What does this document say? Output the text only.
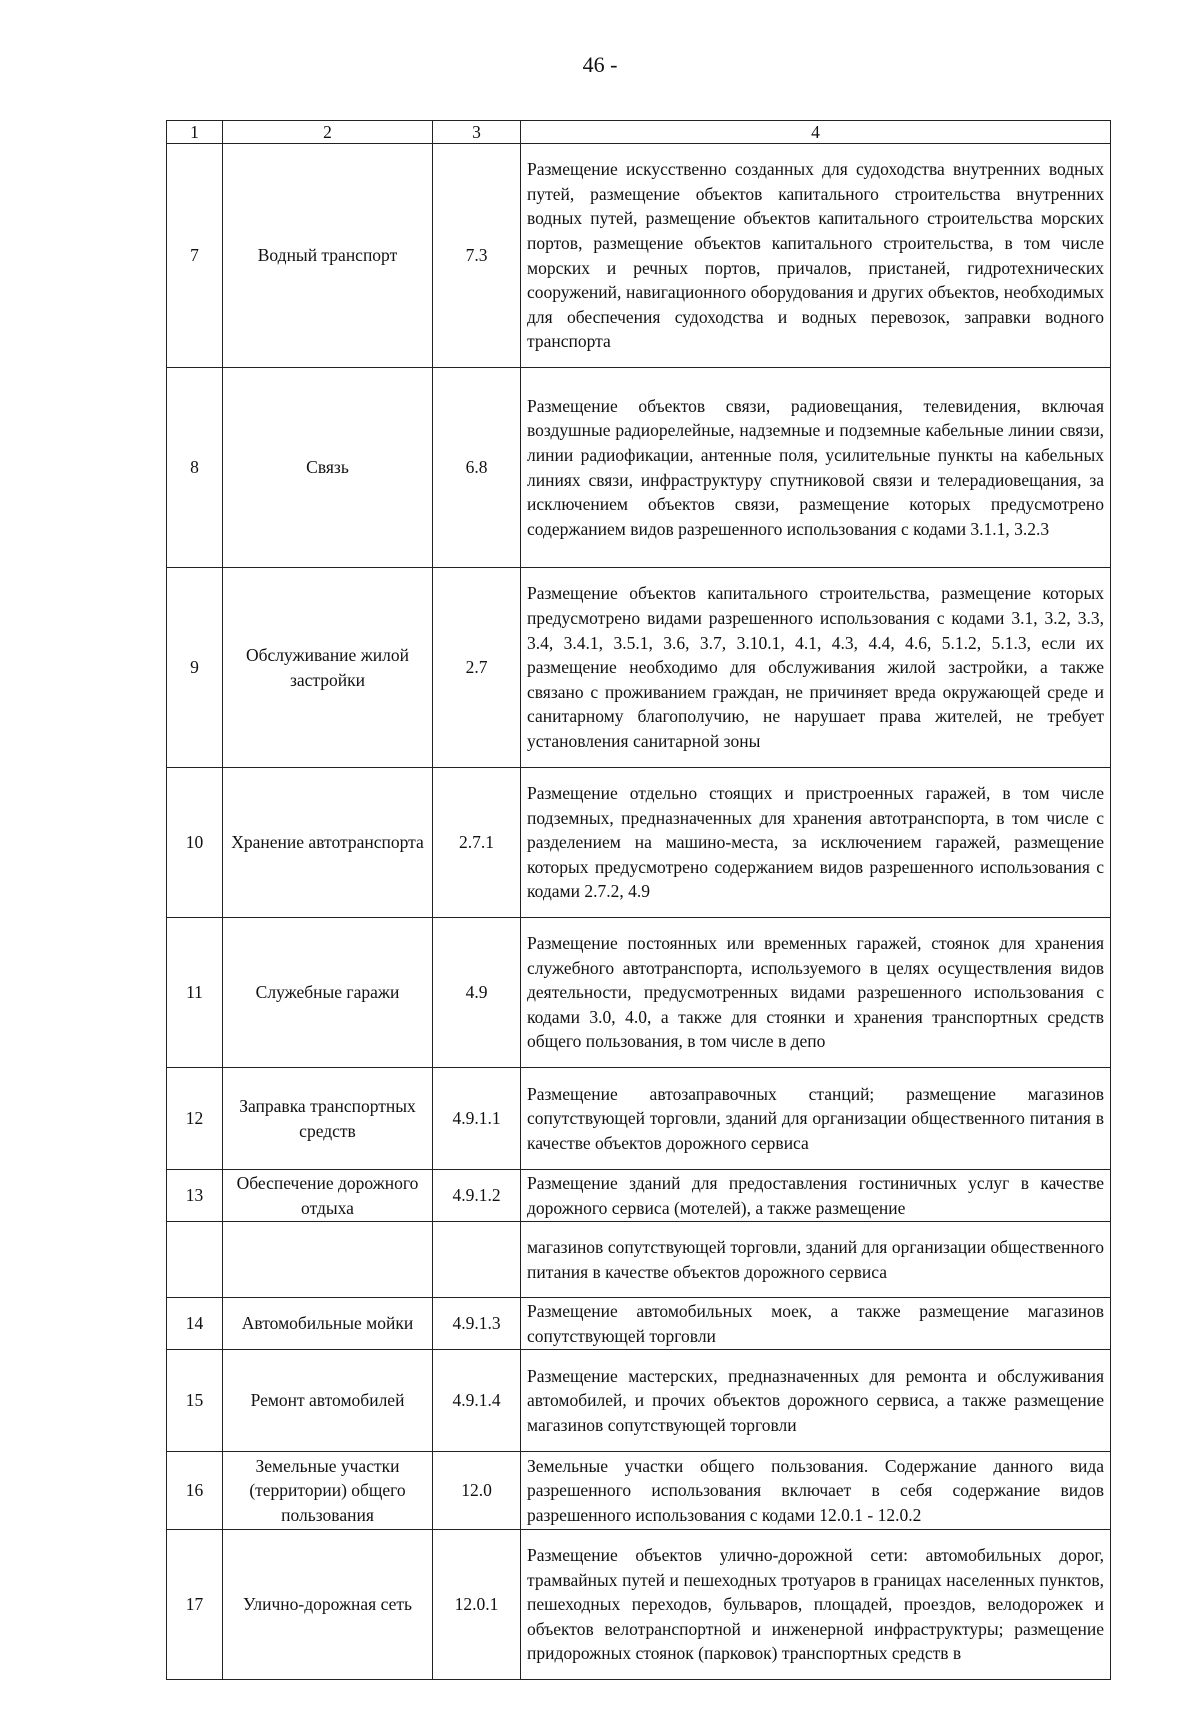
46 -
1	2	3	4
7	Водный транспорт	7.3	Размещение искусственно созданных для судоходства внутренних водных путей, размещение объектов капитального строительства внутренних водных путей, размещение объектов капитального строительства морских портов, размещение объектов капитального строительства, в том числе морских и речных портов, причалов, пристаней, гидротехнических сооружений, навигационного оборудования и других объектов, необходимых для обеспечения судоходства и водных перевозок, заправки водного транспорта
8	Связь	6.8	Размещение объектов связи, радиовещания, телевидения, включая воздушные радиорелейные, надземные и подземные кабельные линии связи, линии радиофикации, антенные поля, усилительные пункты на кабельных линиях связи, инфраструктуру спутниковой связи и телерадиовещания, за исключением объектов связи, размещение которых предусмотрено содержанием видов разрешенного использования с кодами 3.1.1, 3.2.3
9	Обслуживание жилой застройки	2.7	Размещение объектов капитального строительства, размещение которых предусмотрено видами разрешенного использования с кодами 3.1, 3.2, 3.3, 3.4, 3.4.1, 3.5.1, 3.6, 3.7, 3.10.1, 4.1, 4.3, 4.4, 4.6, 5.1.2, 5.1.3, если их размещение необходимо для обслуживания жилой застройки, а также связано с проживанием граждан, не причиняет вреда окружающей среде и санитарному благополучию, не нарушает права жителей, не требует установления санитарной зоны
10	Хранение автотранспорта	2.7.1	Размещение отдельно стоящих и пристроенных гаражей, в том числе подземных, предназначенных для хранения автотранспорта, в том числе с разделением на машино-места, за исключением гаражей, размещение которых предусмотрено содержанием видов разрешенного использования с кодами 2.7.2, 4.9
11	Служебные гаражи	4.9	Размещение постоянных или временных гаражей, стоянок для хранения служебного автотранспорта, используемого в целях осуществления видов деятельности, предусмотренных видами разрешенного использования с кодами 3.0, 4.0, а также для стоянки и хранения транспортных средств общего пользования, в том числе в депо
12	Заправка транспортных средств	4.9.1.1	Размещение автозаправочных станций; размещение магазинов сопутствующей торговли, зданий для организации общественного питания в качестве объектов дорожного сервиса
13	Обеспечение дорожного отдыха	4.9.1.2	Размещение зданий для предоставления гостиничных услуг в качестве дорожного сервиса (мотелей), а также размещение
			магазинов сопутствующей торговли, зданий для организации общественного питания в качестве объектов дорожного сервиса
14	Автомобильные мойки	4.9.1.3	Размещение автомобильных моек, а также размещение магазинов сопутствующей торговли
15	Ремонт автомобилей	4.9.1.4	Размещение мастерских, предназначенных для ремонта и обслуживания автомобилей, и прочих объектов дорожного сервиса, а также размещение магазинов сопутствующей торговли
16	Земельные участки (территории) общего пользования	12.0	Земельные участки общего пользования. Содержание данного вида разрешенного использования включает в себя содержание видов разрешенного использования с кодами 12.0.1 - 12.0.2
17	Улично-дорожная сеть	12.0.1	Размещение объектов улично-дорожной сети: автомобильных дорог, трамвайных путей и пешеходных тротуаров в границах населенных пунктов, пешеходных переходов, бульваров, площадей, проездов, велодорожек и объектов велотранспортной и инженерной инфраструктуры; размещение придорожных стоянок (парковок) транспортных средств в
